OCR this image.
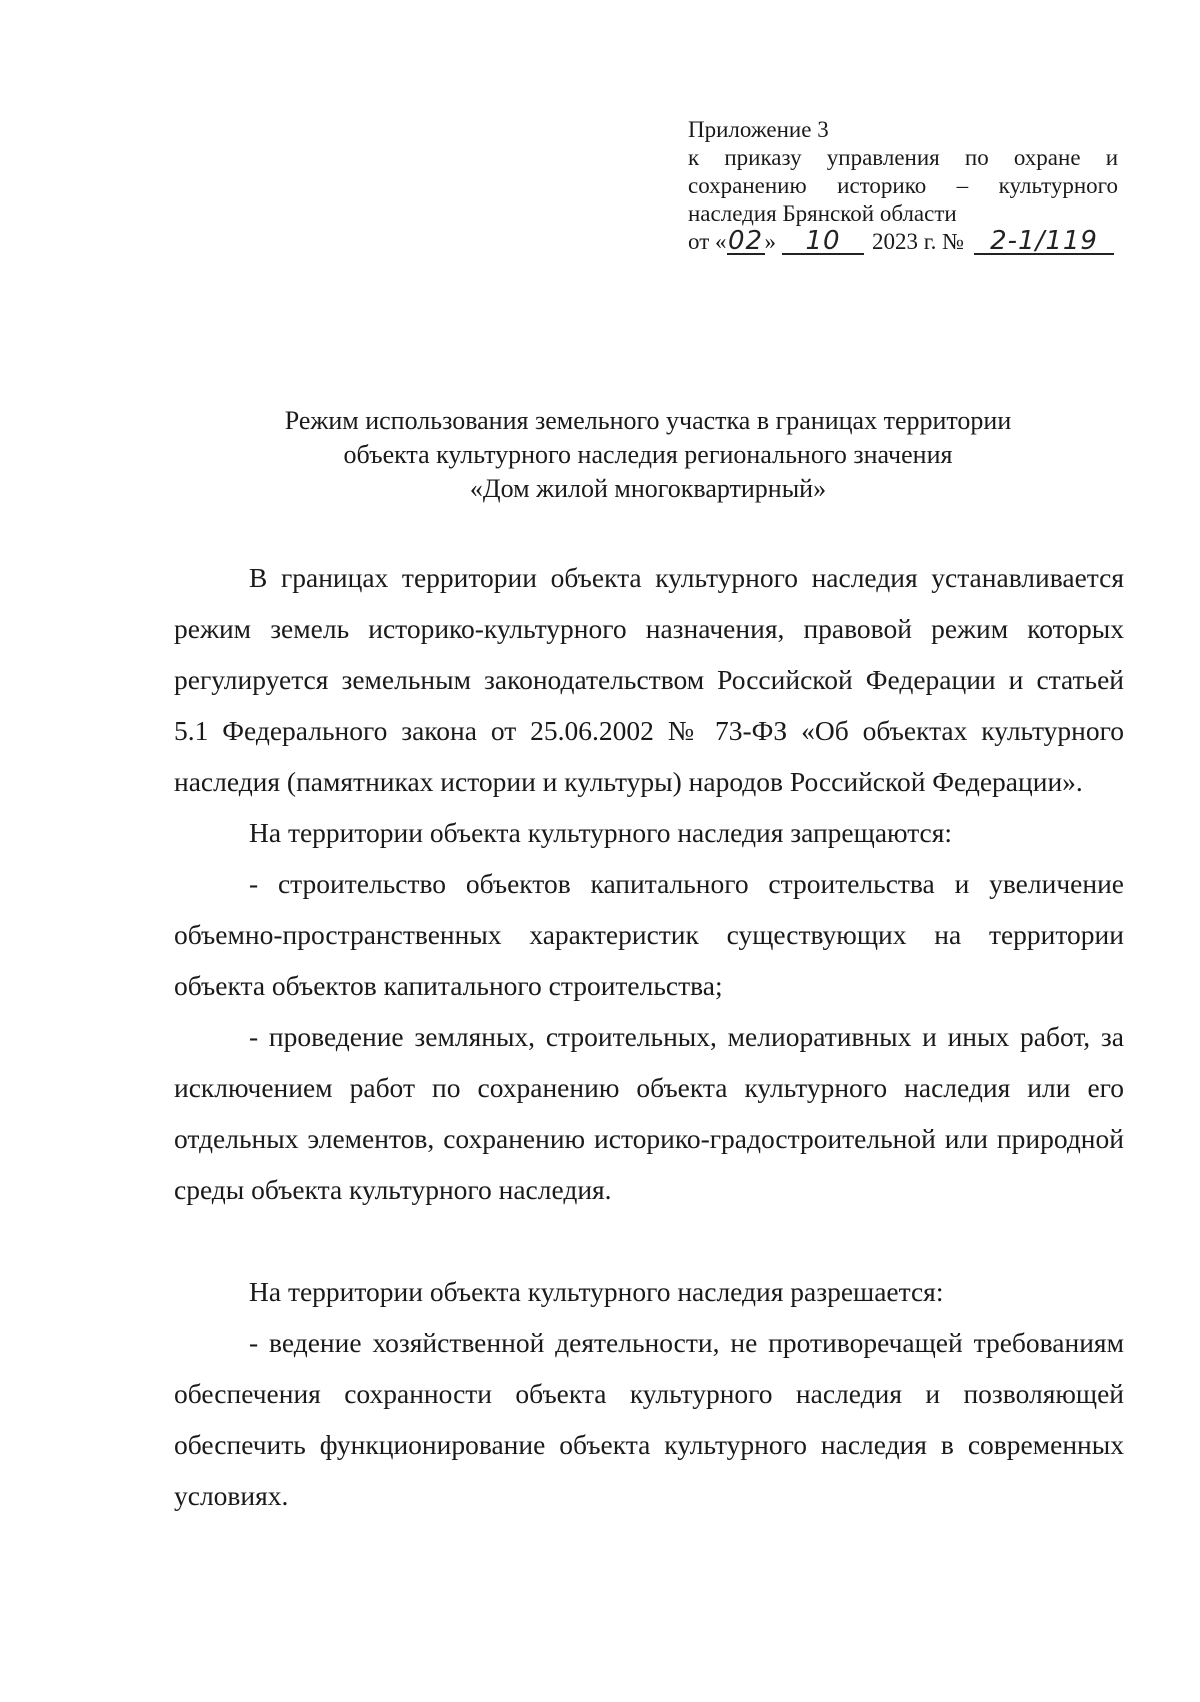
Приложение 3
к приказу управления по охране и
сохранению историко – культурного
наследия Брянской области
от « 02 »	10	2023 г. №	2-1/119
Режим использования земельного участка в границах территории
объекта культурного наследия регионального значения
«Дом жилой многоквартирный»

В границах территории объекта культурного наследия устанавливается режим земель историко-культурного назначения, правовой режим которых регулируется земельным законодательством Российской Федерации и статьей 5.1 Федерального закона от 25.06.2002 № 73-ФЗ «Об объектах культурного наследия (памятниках истории и культуры) народов Российской Федерации».

На территории объекта культурного наследия запрещаются:

- строительство объектов капитального строительства и увеличение объемно-пространственных характеристик существующих на территории объекта объектов капитального строительства;

- проведение земляных, строительных, мелиоративных и иных работ, за исключением работ по сохранению объекта культурного наследия или его отдельных элементов, сохранению историко-градостроительной или природной среды объекта культурного наследия.

На территории объекта культурного наследия разрешается:

- ведение хозяйственной деятельности, не противоречащей требованиям обеспечения сохранности объекта культурного наследия и позволяющей обеспечить функционирование объекта культурного наследия в современных условиях.
